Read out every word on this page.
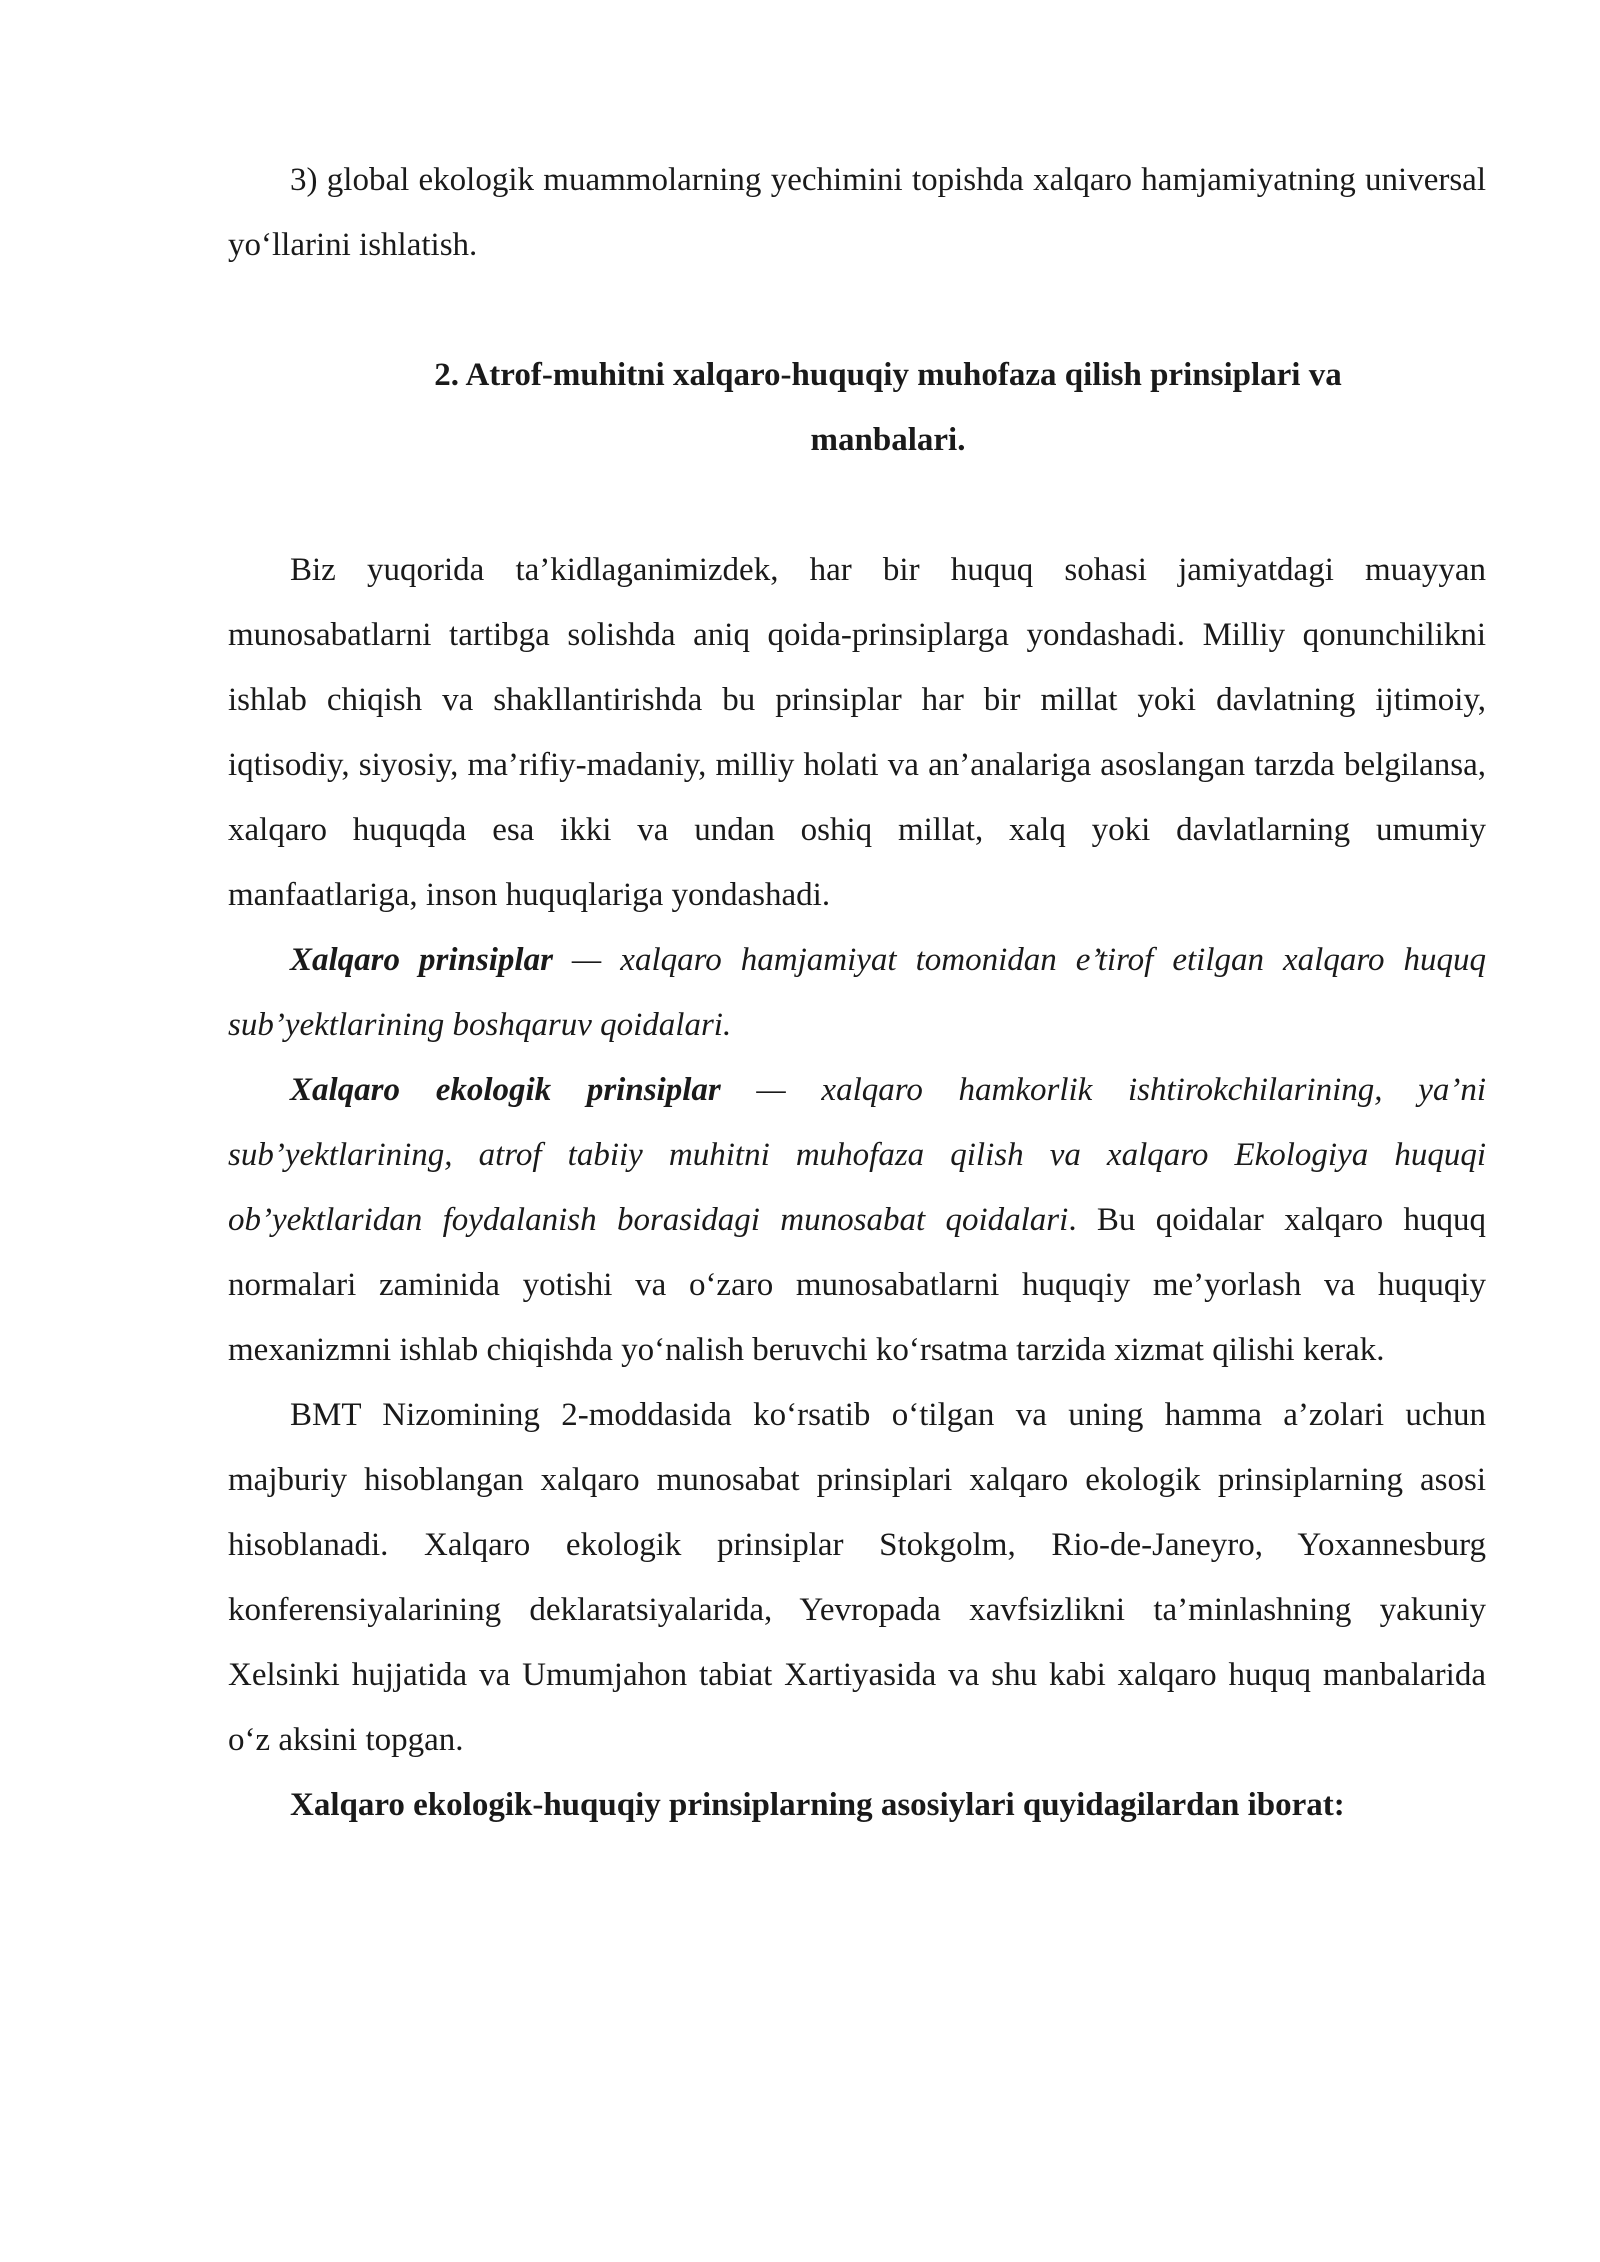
3) global ekologik muammolarning yechimini topishda xalqaro hamjamiyatning universal yo‘llarini ishlatish.

2. Atrof-muhitni xalqaro-huquqiy muhofaza qilish prinsiplari va
manbalari.

Biz yuqorida ta’kidlaganimizdek, har bir huquq sohasi jamiyatdagi muayyan munosabatlarni tartibga solishda aniq qoida-prinsiplarga yondashadi. Milliy qonunchilikni ishlab chiqish va shakllantirishda bu prinsiplar har bir millat yoki davlatning ijtimoiy, iqtisodiy, siyosiy, ma’rifiy-madaniy, milliy holati va an’analariga asoslangan tarzda belgilansa, xalqaro huquqda esa ikki va undan oshiq millat, xalq yoki davlatlarning umumiy manfaatlariga, inson huquqlariga yondashadi.

Xalqaro prinsiplar — xalqaro hamjamiyat tomonidan e’tirof etilgan xalqaro huquq sub’yektlarining boshqaruv qoidalari.

Xalqaro ekologik prinsiplar — xalqaro hamkorlik ishtirokchilarining, ya’ni sub’yektlarining, atrof tabiiy muhitni muhofaza qilish va xalqaro Ekologiya huquqi ob’yektlaridan foydalanish borasidagi munosabat qoidalari. Bu qoidalar xalqaro huquq normalari zaminida yotishi va o‘zaro munosabatlarni huquqiy me’yorlash va huquqiy mexanizmni ishlab chiqishda yo‘nalish beruvchi ko‘rsatma tarzida xizmat qilishi kerak.

BMT Nizomining 2-moddasida ko‘rsatib o‘tilgan va uning hamma a’zolari uchun majburiy hisoblangan xalqaro munosabat prinsiplari xalqaro ekologik prinsiplarning asosi hisoblanadi. Xalqaro ekologik prinsiplar Stokgolm, Rio-de-Janeyro, Yoxannesburg konferensiyalarining deklaratsiyalarida, Yevropada xavfsizlikni ta’minlashning yakuniy Xelsinki hujjatida va Umumjahon tabiat Xartiyasida va shu kabi xalqaro huquq manbalarida o‘z aksini topgan.

Xalqaro ekologik-huquqiy prinsiplarning asosiylari quyidagilardan iborat:
